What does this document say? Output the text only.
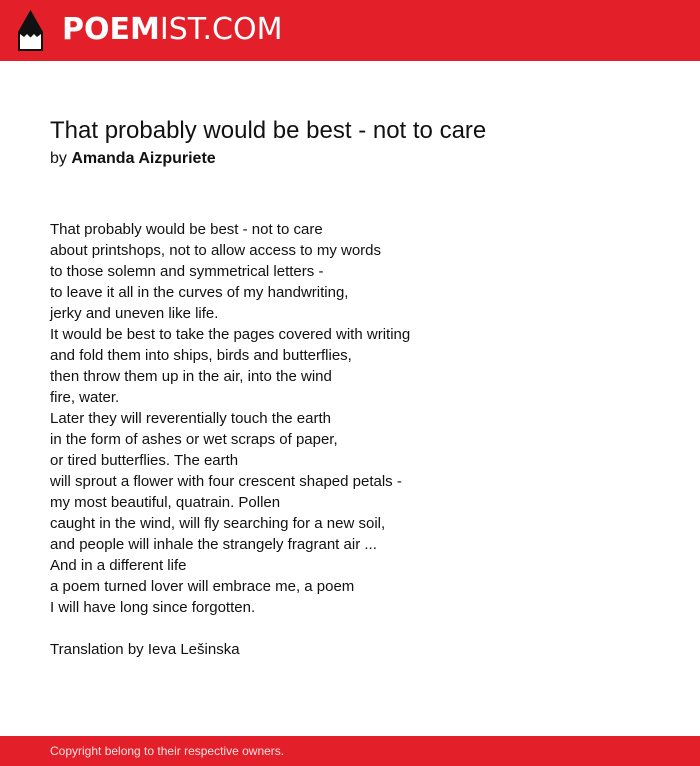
POEMIST.COM
That probably would be best - not to care
by Amanda Aizpuriete
That probably would be best - not to care
about printshops, not to allow access to my words
to those solemn and symmetrical letters -
to leave it all in the curves of my handwriting,
jerky and uneven like life.
It would be best to take the pages covered with writing
and fold them into ships, birds and butterflies,
then throw them up in the air, into the wind
fire, water.
Later they will reverentially touch the earth
in the form of ashes or wet scraps of paper,
or tired butterflies. The earth
will sprout a flower with four crescent shaped petals -
my most beautiful, quatrain. Pollen
caught in the wind, will fly searching for a new soil,
and people will inhale the strangely fragrant air ...
And in a different life
a poem turned lover will embrace me, a poem
I will have long since forgotten.
Translation by Ieva Lešinska
Copyright belong to their respective owners.
